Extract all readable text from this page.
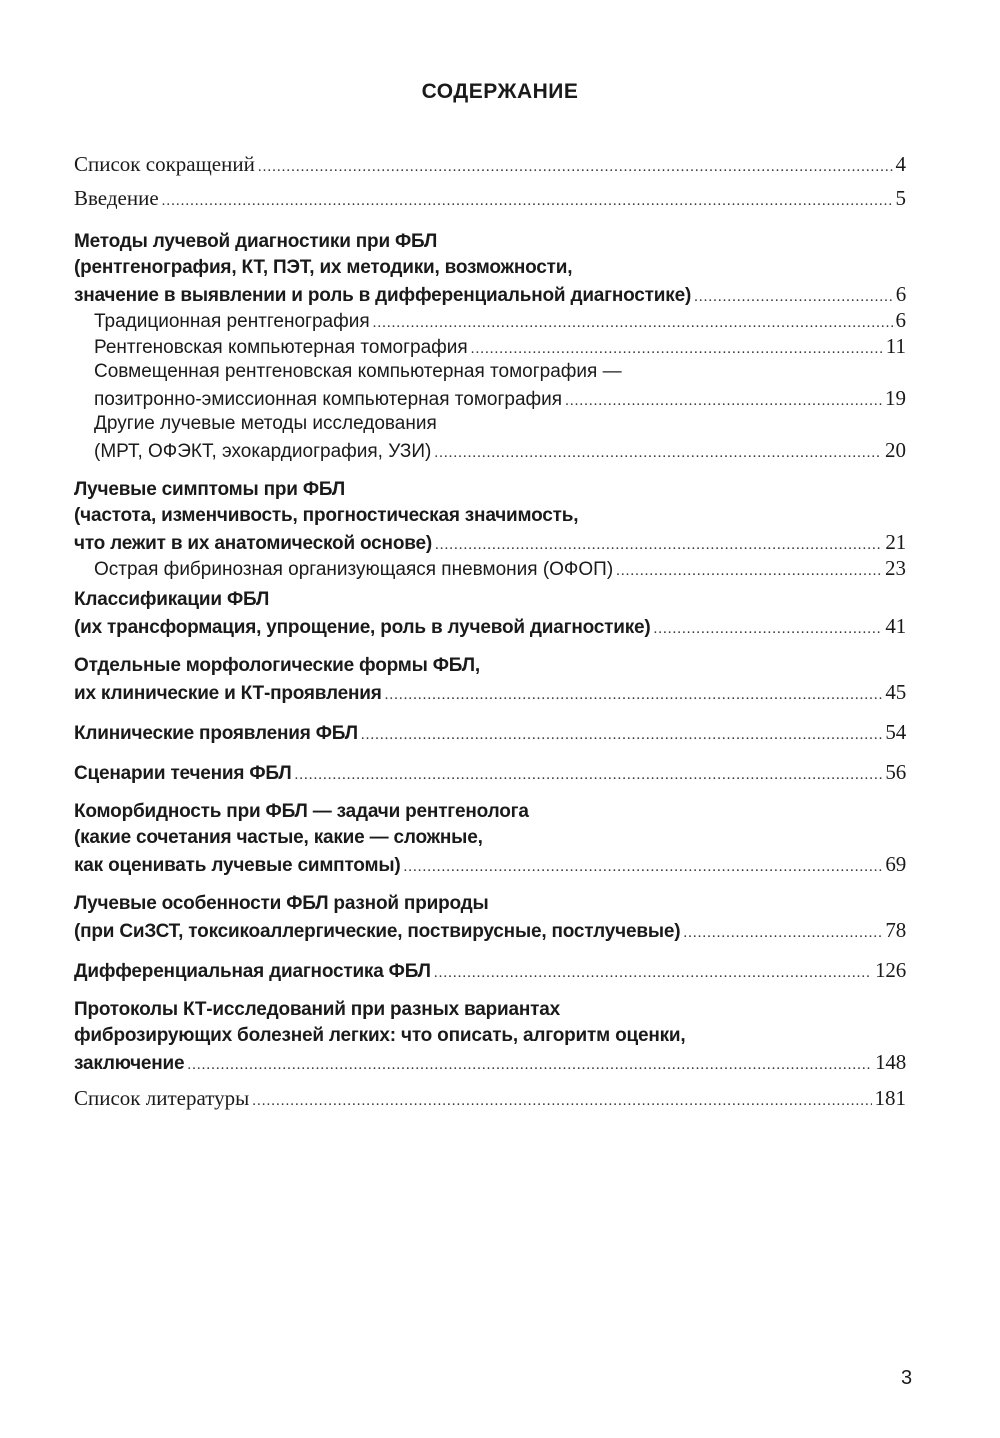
СОДЕРЖАНИЕ
Список сокращений .....	4
Введение .....	5
Методы лучевой диагностики при ФБЛ
(рентгенография, КТ, ПЭТ, их методики, возможности,
значение в выявлении и роль в дифференциальной диагностике) .....	6
Традиционная рентгенография .....	6
Рентгеновская компьютерная томография .....	11
Совмещенная рентгеновская компьютерная томография —
позитронно-эмиссионная компьютерная томография .....	19
Другие лучевые методы исследования
(МРТ, ОФЭКТ, эхокардиография, УЗИ) .....	20
Лучевые симптомы при ФБЛ
(частота, изменчивость, прогностическая значимость,
что лежит в их анатомической основе) .....	21
Острая фибринозная организующаяся пневмония (ОФОП) .....	23
Классификации ФБЛ
(их трансформация, упрощение, роль в лучевой диагностике) .....	41
Отдельные морфологические формы ФБЛ,
их клинические и КТ-проявления .....	45
Клинические проявления ФБЛ .....	54
Сценарии течения ФБЛ .....	56
Коморбидность при ФБЛ — задачи рентгенолога
(какие сочетания частые, какие — сложные,
как оценивать лучевые симптомы) .....	69
Лучевые особенности ФБЛ разной природы
(при СиЗСТ, токсикоаллергические, поствирусные, постлучевые) .....	78
Дифференциальная диагностика ФБЛ .....	126
Протоколы КТ-исследований при разных вариантах
фиброзирующих болезней легких: что описать, алгоритм оценки,
заключение .....	148
Список литературы .....	181
3
